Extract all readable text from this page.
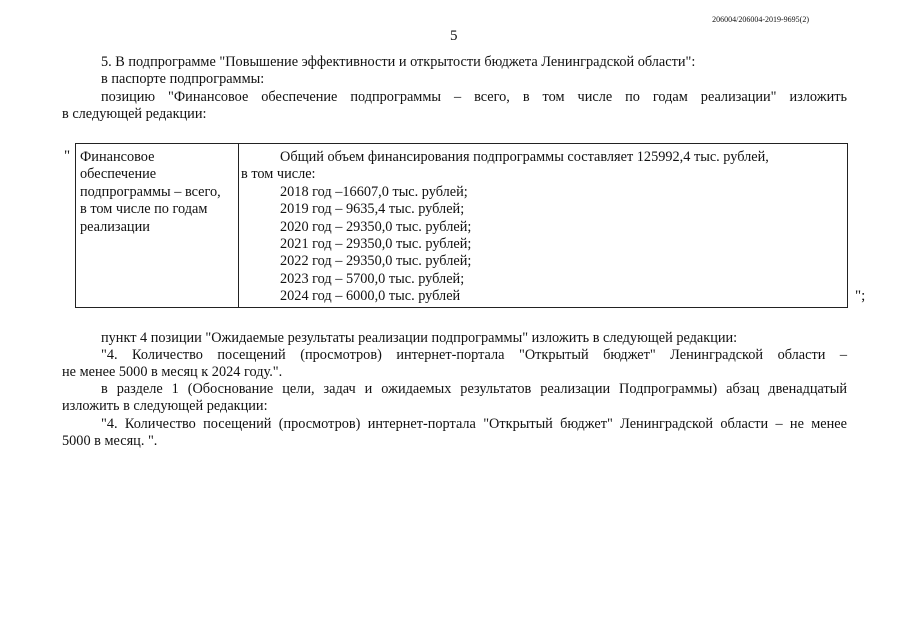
206004/206004-2019-9695(2)
5
5. В подпрограмме "Повышение эффективности и открытости бюджета Ленинградской области":
в паспорте подпрограммы:
позицию "Финансовое обеспечение подпрограммы – всего, в том числе по годам реализации" изложить
в следующей редакции:
" Финансовое
обеспечение
подпрограммы – всего,
в том числе по годам
реализации
Общий объем финансирования подпрограммы составляет 125992,4 тыс. рублей,
в том числе:
2018 год –16607,0 тыс. рублей;
2019 год – 9635,4 тыс. рублей;
2020 год – 29350,0 тыс. рублей;
2021 год – 29350,0 тыс. рублей;
2022 год – 29350,0 тыс. рублей;
2023 год – 5700,0 тыс. рублей;
2024 год – 6000,0 тыс. рублей	";
пункт 4 позиции "Ожидаемые результаты реализации подпрограммы" изложить в следующей редакции:
"4. Количество посещений (просмотров) интернет-портала "Открытый бюджет" Ленинградской области –
не менее 5000 в месяц к 2024 году.".
в разделе 1 (Обоснование цели, задач и ожидаемых результатов реализации Подпрограммы) абзац двенадцатый
изложить в следующей редакции:
"4. Количество посещений (просмотров) интернет-портала "Открытый бюджет" Ленинградской области – не менее
5000 в месяц. ".
